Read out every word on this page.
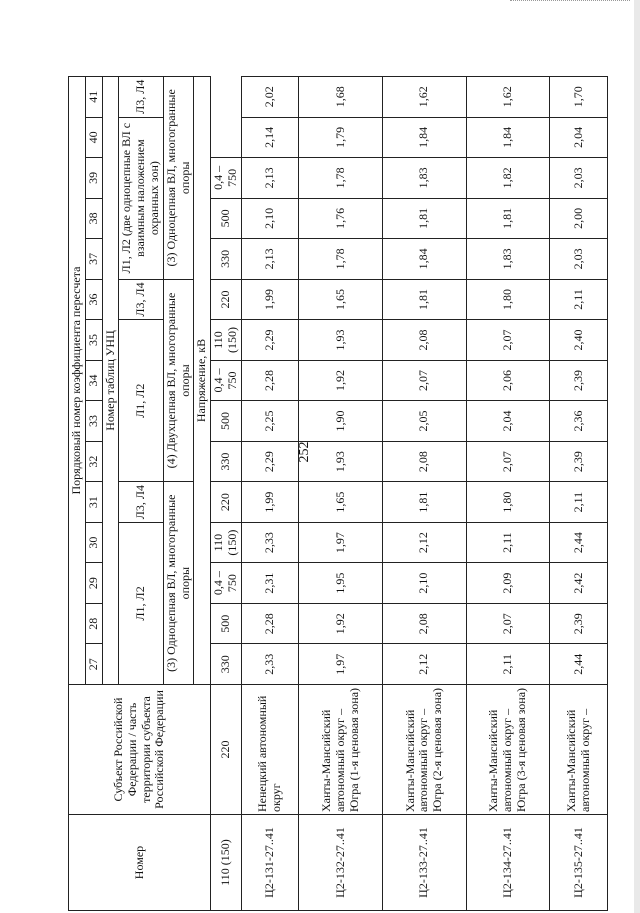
252
Номер	Субъект Российской Федерации / часть территории субъекта Российской Федерации	Порядковый номер коэффициента пересчета														
		27	28	29	30	31	32	33	34	35	36	37	38	39	40	41
		Номер таблиц УНЦ														
		Л1, Л2				Л3, Л4	Л1, Л2				Л3, Л4	Л1, Л2 (две одноцепные ВЛ с взаимным наложением охранных зон)				Л3, Л4
		(3) Одноцепная ВЛ, многогранные опоры					(4) Двухцепная ВЛ, многогранные опоры					(3) Одноцепная ВЛ, многогранные опоры				
		Напряжение, кВ														
110 (150)	220	330	500	0,4 – 750	110 (150)	220	330	500	0,4 – 750	110 (150)	220	330	500	0,4 – 750		
Ц2-131-27..41	Ненецкий автономный округ	2,33	2,28	2,31	2,33	1,99	2,29	2,25	2,28	2,29	1,99	2,13	2,10	2,13	2,14	2,02
Ц2-132-27..41	Ханты-Мансийский автономный округ – Югра (1-я ценовая зона)	1,97	1,92	1,95	1,97	1,65	1,93	1,90	1,92	1,93	1,65	1,78	1,76	1,78	1,79	1,68
Ц2-133-27..41	Ханты-Мансийский автономный округ – Югра (2-я ценовая зона)	2,12	2,08	2,10	2,12	1,81	2,08	2,05	2,07	2,08	1,81	1,84	1,81	1,83	1,84	1,62
Ц2-134-27..41	Ханты-Мансийский автономный округ – Югра (3-я ценовая зона)	2,11	2,07	2,09	2,11	1,80	2,07	2,04	2,06	2,07	1,80	1,83	1,81	1,82	1,84	1,62
Ц2-135-27..41	Ханты-Мансийский автономный округ –	2,44	2,39	2,42	2,44	2,11	2,39	2,36	2,39	2,40	2,11	2,03	2,00	2,03	2,04	1,70
